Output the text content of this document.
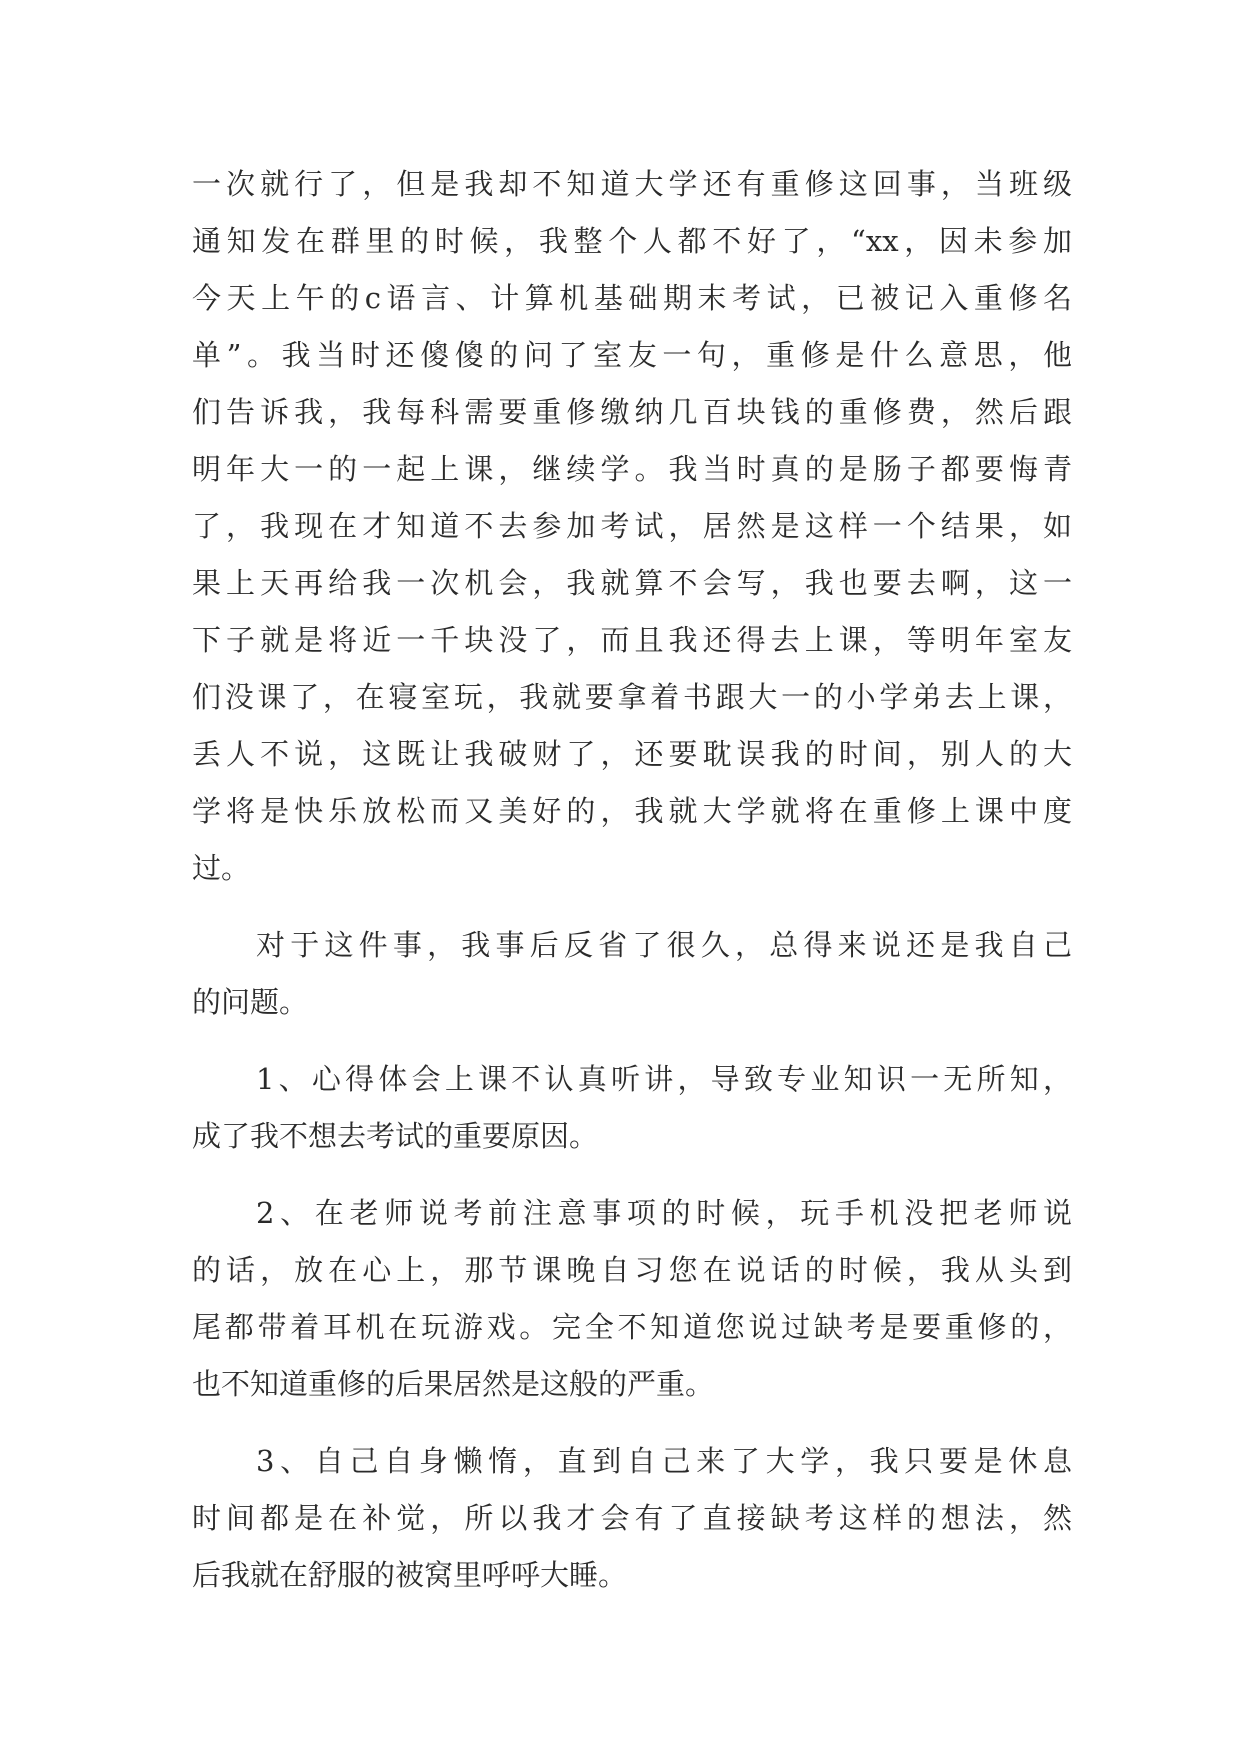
一次就行了，但是我却不知道大学还有重修这回事，当班级
通知发在群里的时候，我整个人都不好了，“xx，因未参加
今天上午的c语言、计算机基础期末考试，已被记入重修名
单”。我当时还傻傻的问了室友一句，重修是什么意思，他
们告诉我，我每科需要重修缴纳几百块钱的重修费，然后跟
明年大一的一起上课，继续学。我当时真的是肠子都要悔青
了，我现在才知道不去参加考试，居然是这样一个结果，如
果上天再给我一次机会，我就算不会写，我也要去啊，这一
下子就是将近一千块没了，而且我还得去上课，等明年室友
们没课了，在寝室玩，我就要拿着书跟大一的小学弟去上课，
丢人不说，这既让我破财了，还要耽误我的时间，别人的大
学将是快乐放松而又美好的，我就大学就将在重修上课中度
过。
对于这件事，我事后反省了很久，总得来说还是我自己
的问题。
1、心得体会上课不认真听讲，导致专业知识一无所知，
成了我不想去考试的重要原因。
2、在老师说考前注意事项的时候，玩手机没把老师说
的话，放在心上，那节课晚自习您在说话的时候，我从头到
尾都带着耳机在玩游戏。完全不知道您说过缺考是要重修的，
也不知道重修的后果居然是这般的严重。
3、自己自身懒惰，直到自己来了大学，我只要是休息
时间都是在补觉，所以我才会有了直接缺考这样的想法，然
后我就在舒服的被窝里呼呼大睡。
